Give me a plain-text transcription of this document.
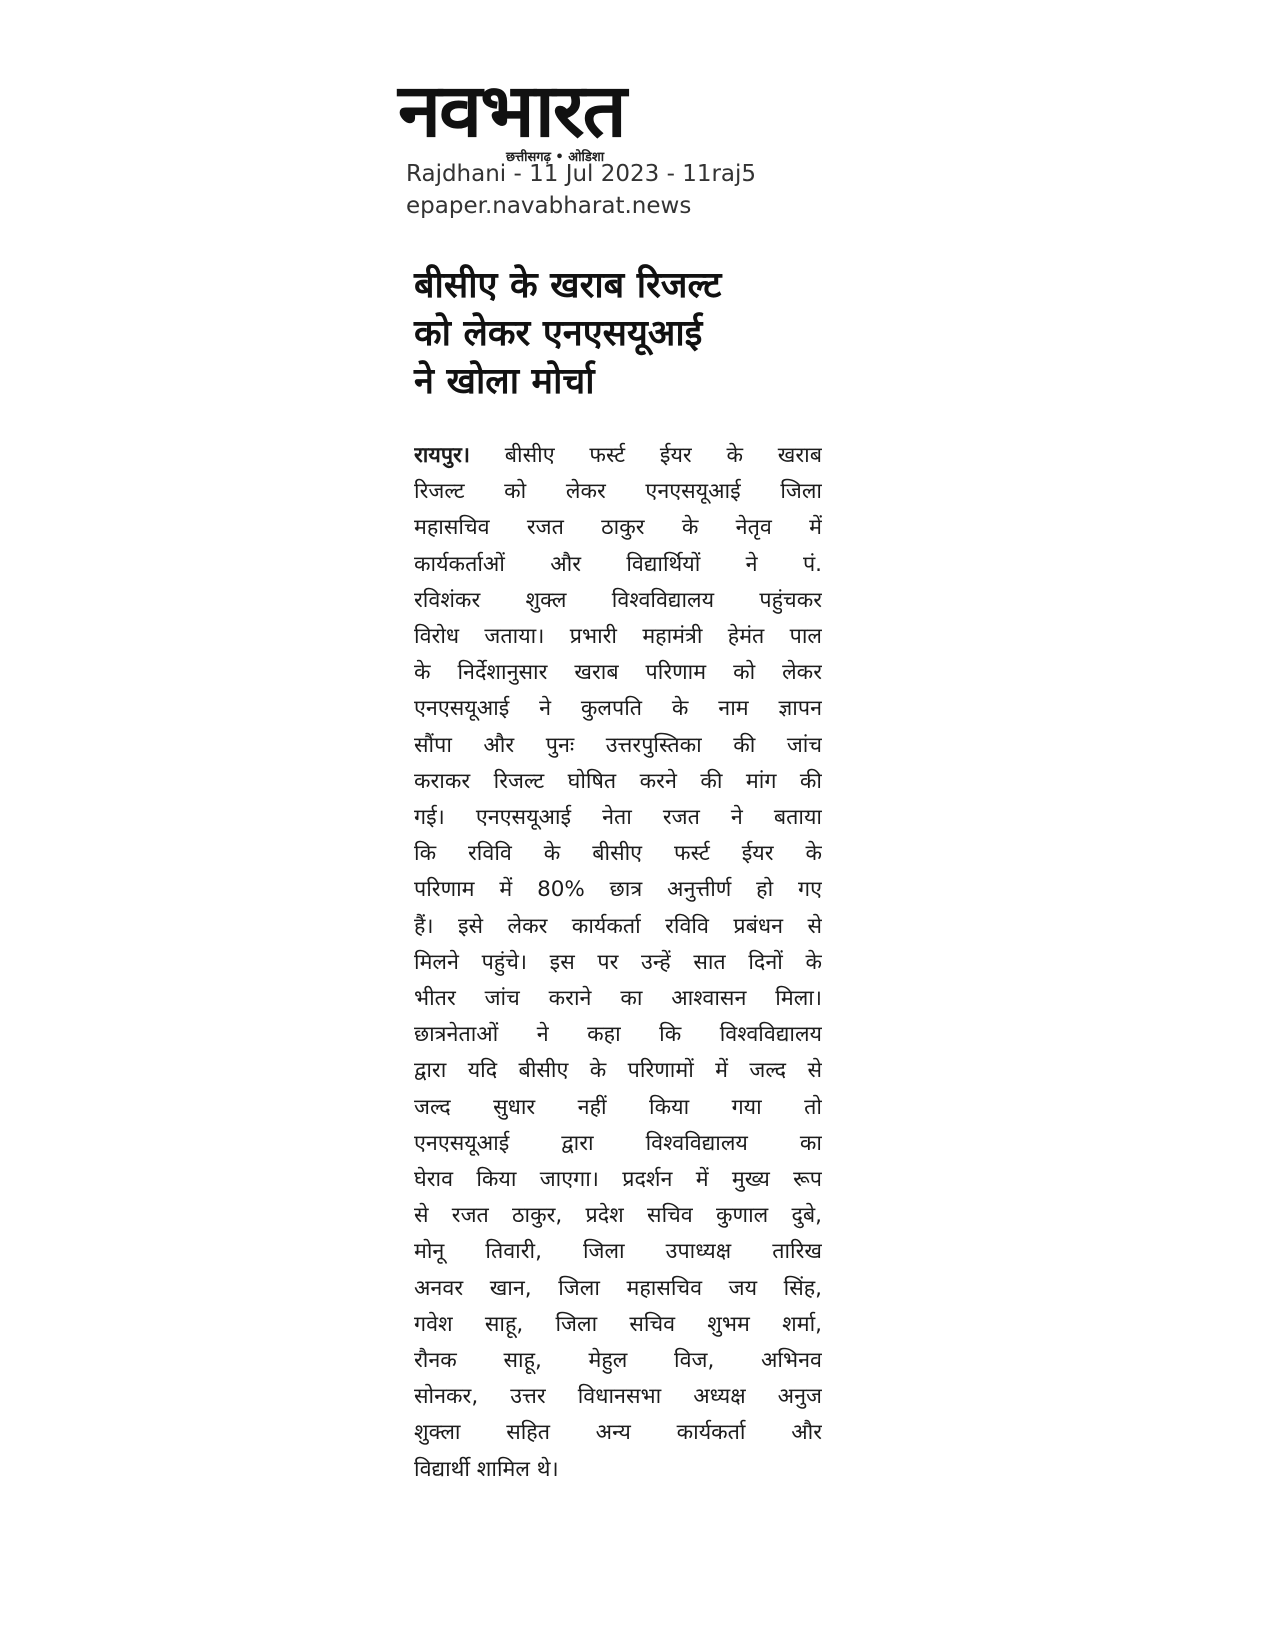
नवभारत
छत्तीसगढ़ • ओडिशा
Rajdhani - 11 Jul 2023 - 11raj5
epaper.navabharat.news
बीसीए के खराब रिजल्ट
को लेकर एनएसयूआई
ने खोला मोर्चा
रायपुर। बीसीए फर्स्ट ईयर के खराब
रिजल्ट को लेकर एनएसयूआई जिला
महासचिव रजत ठाकुर के नेतृव में
कार्यकर्ताओं और विद्यार्थियों ने पं.
रविशंकर शुक्ल विश्वविद्यालय पहुंचकर
विरोध जताया। प्रभारी महामंत्री हेमंत पाल
के निर्देशानुसार खराब परिणाम को लेकर
एनएसयूआई ने कुलपति के नाम ज्ञापन
सौंपा और पुनः उत्तरपुस्तिका की जांच
कराकर रिजल्ट घोषित करने की मांग की
गई। एनएसयूआई नेता रजत ने बताया
कि रविवि के बीसीए फर्स्ट ईयर के
परिणाम में 80% छात्र अनुत्तीर्ण हो गए
हैं। इसे लेकर कार्यकर्ता रविवि प्रबंधन से
मिलने पहुंचे। इस पर उन्हें सात दिनों के
भीतर जांच कराने का आश्वासन मिला।
छात्रनेताओं ने कहा कि विश्वविद्यालय
द्वारा यदि बीसीए के परिणामों में जल्द से
जल्द सुधार नहीं किया गया तो
एनएसयूआई द्वारा विश्वविद्यालय का
घेराव किया जाएगा। प्रदर्शन में मुख्य रूप
से रजत ठाकुर, प्रदेश सचिव कुणाल दुबे,
मोनू तिवारी, जिला उपाध्यक्ष तारिख
अनवर खान, जिला महासचिव जय सिंह,
गवेश साहू, जिला सचिव शुभम शर्मा,
रौनक साहू, मेहुल विज, अभिनव
सोनकर, उत्तर विधानसभा अध्यक्ष अनुज
शुक्ला सहित अन्य कार्यकर्ता और
विद्यार्थी शामिल थे।
